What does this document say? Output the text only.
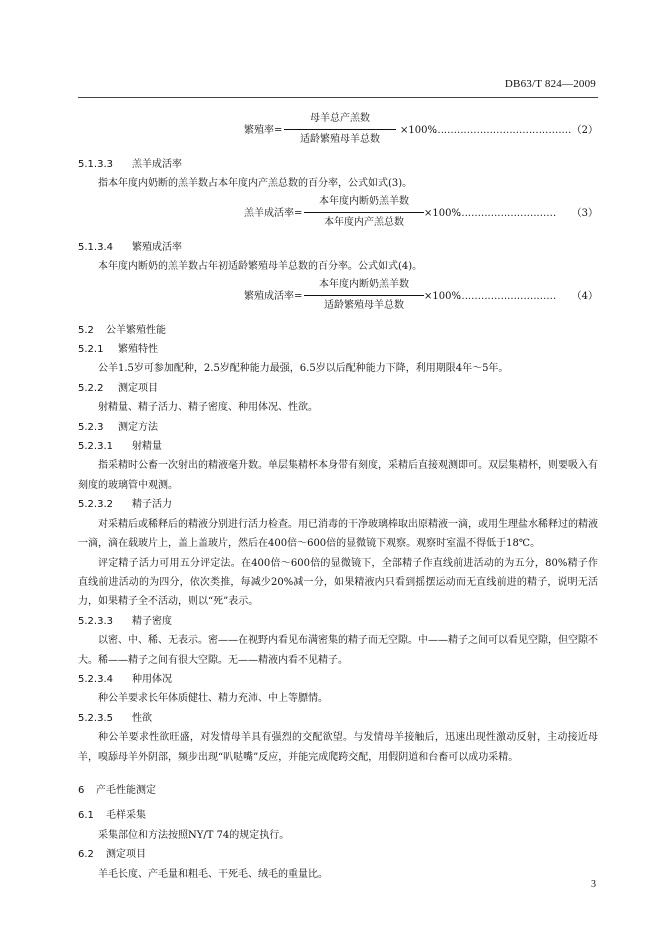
DB63/T 824—2009
繁殖率=
母羊总产羔数
适龄繁殖母羊总数
×100%
…………………………………… （2）
5.1.3.3 羔羊成活率
指本年度内奶断的羔羊数占本年度内产羔总数的百分率，公式如式(3)。
羔羊成活率=
本年度内断奶羔羊数
本年度内产羔总数
×100%
………………………… （3）
5.1.3.4 繁殖成活率
本年度内断奶的羔羊数占年初适龄繁殖母羊总数的百分率。公式如式(4)。
繁殖成活率=
本年度内断奶羔羊数
适龄繁殖母羊总数
×100%
………………………… （4）
5.2 公羊繁殖性能
5.2.1 繁殖特性
公羊1.5岁可参加配种，2.5岁配种能力最强，6.5岁以后配种能力下降，利用期限4年～5年。
5.2.2 测定项目
射精量、精子活力、精子密度、种用体况、性欲。
5.2.3 测定方法
5.2.3.1 射精量
指采精时公畜一次射出的精液毫升数。单层集精杯本身带有刻度，采精后直接观测即可。双层集精杯，则要吸入有刻度的玻璃管中观测。
5.2.3.2 精子活力
对采精后或稀释后的精液分别进行活力检查。用已消毒的干净玻璃棒取出原精液一滴，或用生理盐水稀释过的精液一滴，滴在载玻片上，盖上盖玻片，然后在400倍～600倍的显微镜下观察。观察时室温不得低于18℃。
评定精子活力可用五分评定法。在400倍～600倍的显微镜下，全部精子作直线前进活动的为五分，80%精子作直线前进活动的为四分，依次类推，每减少20%减一分，如果精液内只看到摇摆运动而无直线前进的精子，说明无活力，如果精子全不活动，则以“死”表示。
5.2.3.3 精子密度
以密、中、稀、无表示。密——在视野内看见布满密集的精子而无空隙。中——精子之间可以看见空隙，但空隙不大。稀——精子之间有很大空隙。无——精液内看不见精子。
5.2.3.4 种用体况
种公羊要求长年体质健壮、精力充沛、中上等膘情。
5.2.3.5 性欲
种公羊要求性欲旺盛，对发情母羊具有强烈的交配欲望。与发情母羊接触后，迅速出现性激动反射，主动接近母羊，嗅舔母羊外阴部，频步出现“叭哒嘴”反应，并能完成爬跨交配，用假阴道和台畜可以成功采精。
6 产毛性能测定
6.1 毛样采集
采集部位和方法按照NY/T 74的规定执行。
6.2 测定项目
羊毛长度、产毛量和粗毛、干死毛、绒毛的重量比。
3
